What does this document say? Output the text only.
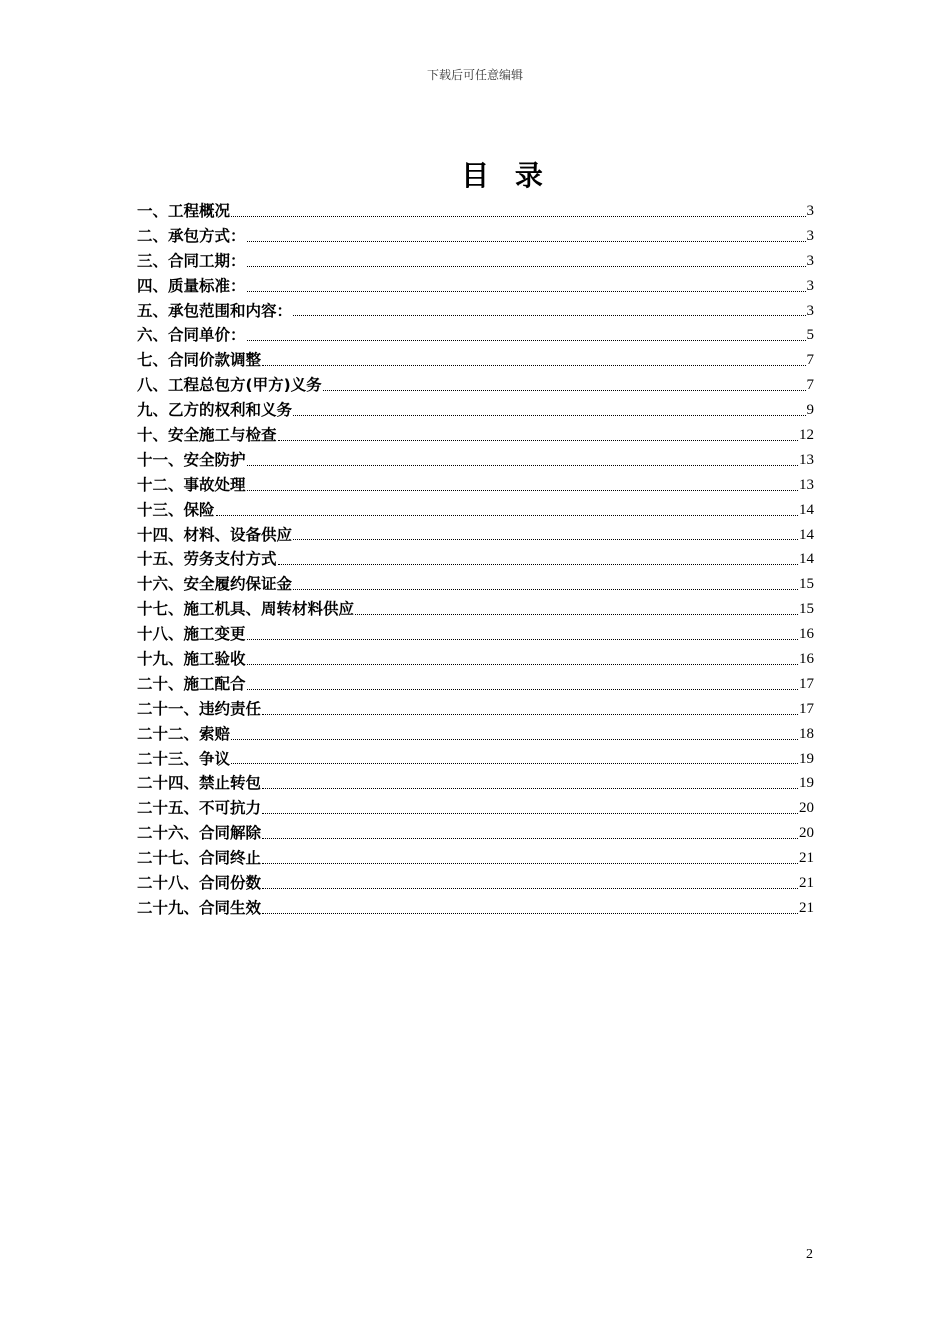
下载后可任意编辑
目 录
一、工程概况	3
二、承包方式：	3
三、合同工期：	3
四、质量标准：	3
五、承包范围和内容：	3
六、合同单价：	5
七、合同价款调整	7
八、工程总包方(甲方)义务	7
九、乙方的权利和义务	9
十、安全施工与检查	12
十一、安全防护	13
十二、事故处理	13
十三、保险	14
十四、材料、设备供应	14
十五、劳务支付方式	14
十六、安全履约保证金	15
十七、施工机具、周转材料供应	15
十八、施工变更	16
十九、施工验收	16
二十、施工配合	17
二十一、违约责任	17
二十二、索赔	18
二十三、争议	19
二十四、禁止转包	19
二十五、不可抗力	20
二十六、合同解除	20
二十七、合同终止	21
二十八、合同份数	21
二十九、合同生效	21
2
